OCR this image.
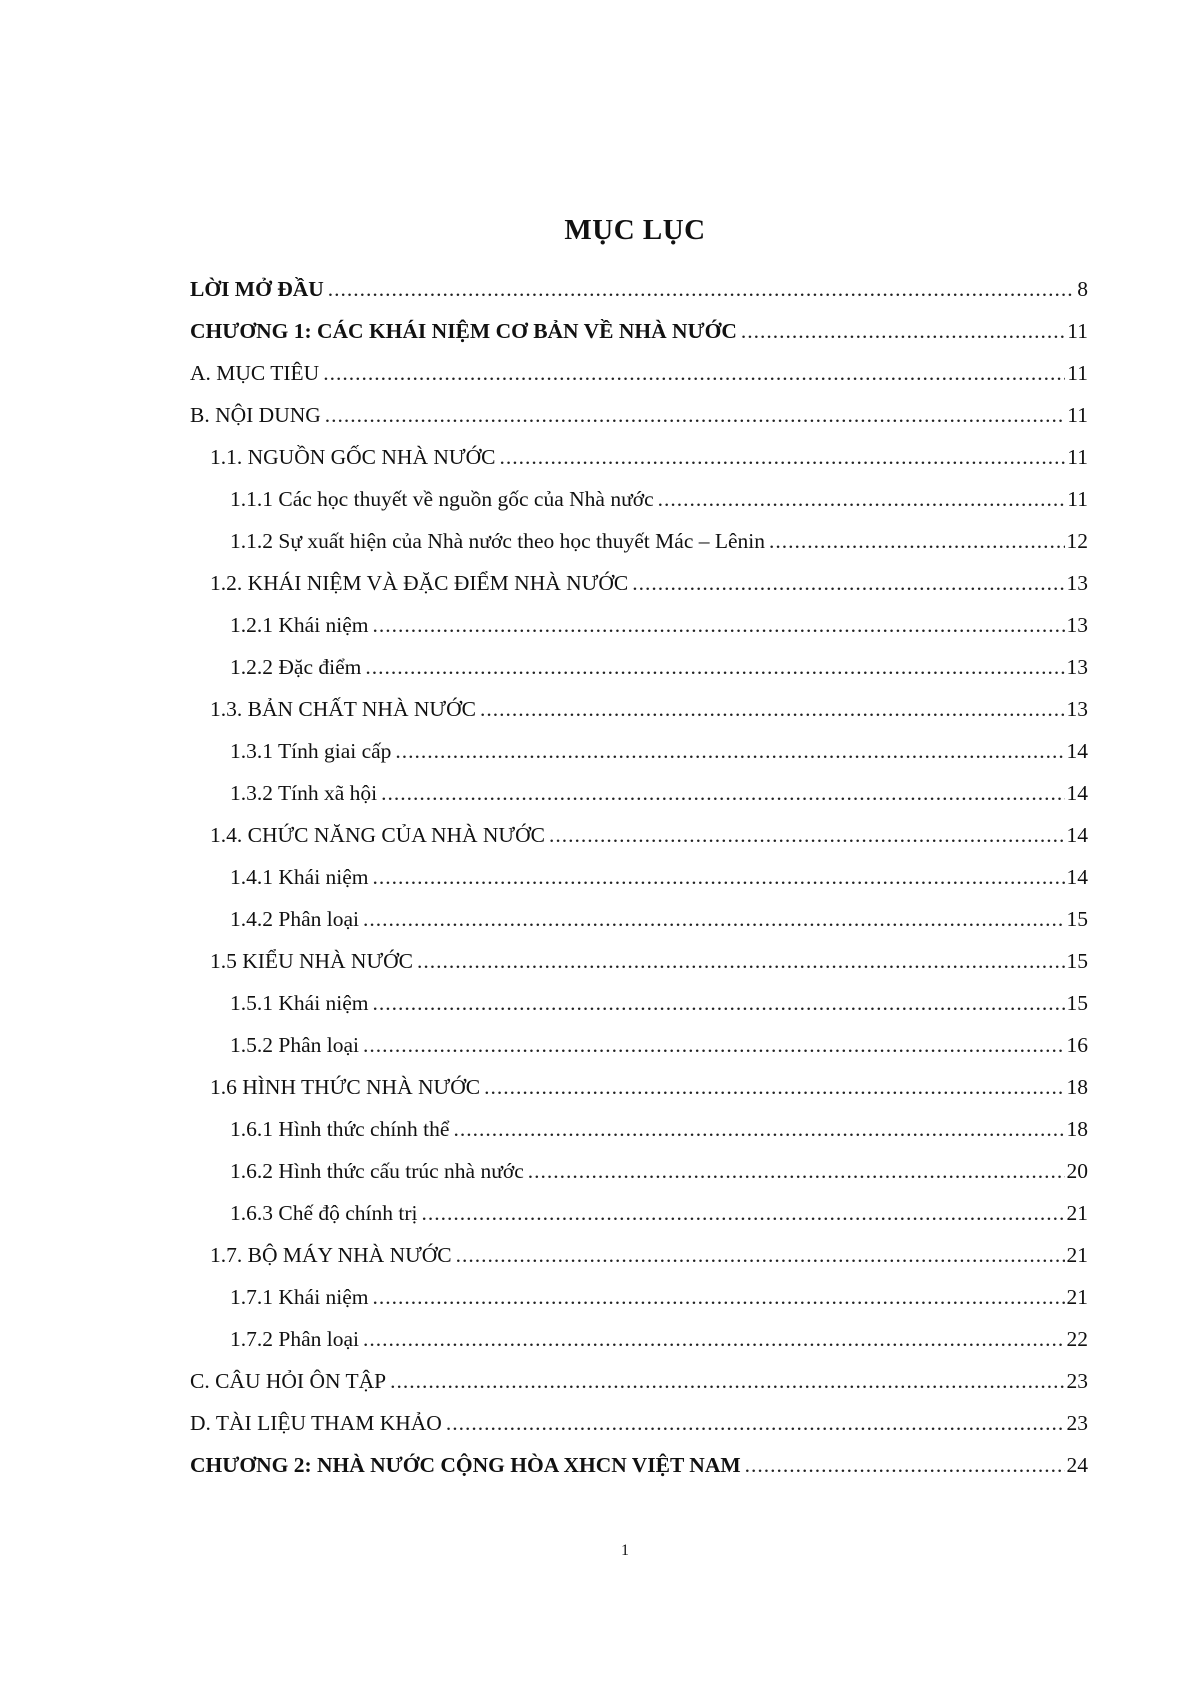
MỤC LỤC
LỜI MỞ ĐẦU .....	8
CHƯƠNG 1: CÁC KHÁI NIỆM CƠ BẢN VỀ NHÀ NƯỚC .....	11
A. MỤC TIÊU .....	11
B. NỘI DUNG .....	11
1.1. NGUỒN GỐC NHÀ NƯỚC .....	11
1.1.1 Các học thuyết về nguồn gốc của Nhà nước .....	11
1.1.2 Sự xuất hiện của Nhà nước theo học thuyết Mác – Lênin .....	12
1.2. KHÁI NIỆM VÀ ĐẶC ĐIỂM NHÀ NƯỚC .....	13
1.2.1 Khái niệm .....	13
1.2.2 Đặc điểm .....	13
1.3. BẢN CHẤT NHÀ NƯỚC .....	13
1.3.1 Tính giai cấp .....	14
1.3.2 Tính xã hội .....	14
1.4. CHỨC NĂNG CỦA NHÀ NƯỚC .....	14
1.4.1 Khái niệm .....	14
1.4.2 Phân loại .....	15
1.5 KIỂU NHÀ NƯỚC .....	15
1.5.1 Khái niệm .....	15
1.5.2 Phân loại .....	16
1.6 HÌNH THỨC NHÀ NƯỚC .....	18
1.6.1 Hình thức chính thể .....	18
1.6.2 Hình thức cấu trúc nhà nước .....	20
1.6.3 Chế độ chính trị .....	21
1.7. BỘ MÁY NHÀ NƯỚC .....	21
1.7.1 Khái niệm .....	21
1.7.2 Phân loại .....	22
C. CÂU HỎI ÔN TẬP .....	23
D. TÀI LIỆU THAM KHẢO .....	23
CHƯƠNG 2: NHÀ NƯỚC CỘNG HÒA XHCN VIỆT NAM .....	24
1
